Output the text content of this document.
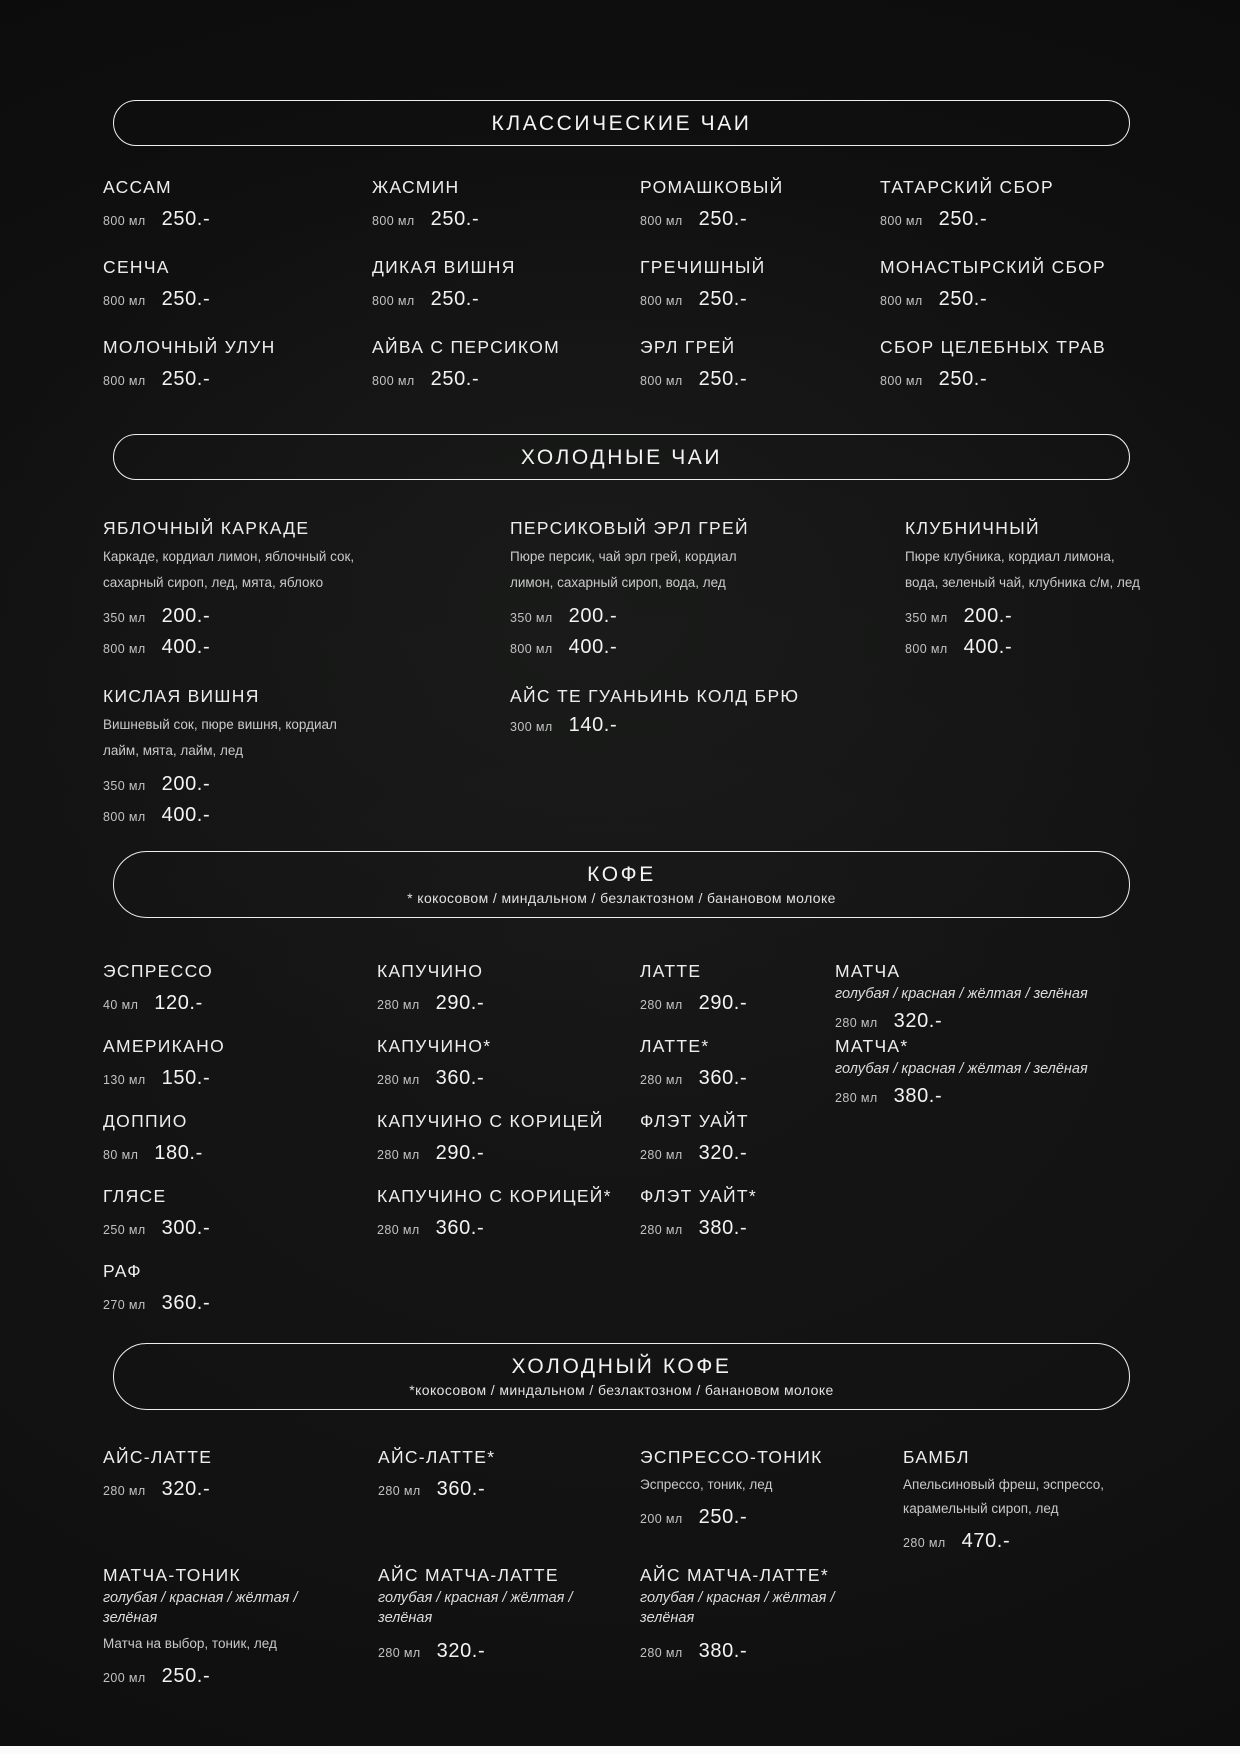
КЛАССИЧЕСКИЕ ЧАИ
АССАМ
800 мл 250.-
ЖАСМИН
800 мл 250.-
РОМАШКОВЫЙ
800 мл 250.-
ТАТАРСКИЙ СБОР
800 мл 250.-
СЕНЧА
800 мл 250.-
ДИКАЯ ВИШНЯ
800 мл 250.-
ГРЕЧИШНЫЙ
800 мл 250.-
МОНАСТЫРСКИЙ СБОР
800 мл 250.-
МОЛОЧНЫЙ УЛУН
800 мл 250.-
АЙВА С ПЕРСИКОМ
800 мл 250.-
ЭРЛ ГРЕЙ
800 мл 250.-
СБОР ЦЕЛЕБНЫХ ТРАВ
800 мл 250.-
ХОЛОДНЫЕ ЧАИ
ЯБЛОЧНЫЙ КАРКАДЕ
Каркаде, кордиал лимон, яблочный сок, сахарный сироп, лед, мята, яблоко
350 мл 200.-
800 мл 400.-
ПЕРСИКОВЫЙ ЭРЛ ГРЕЙ
Пюре персик, чай эрл грей, кордиал лимон, сахарный сироп, вода, лед
350 мл 200.-
800 мл 400.-
КЛУБНИЧНЫЙ
Пюре клубника, кордиал лимона, вода, зеленый чай, клубника с/м, лед
350 мл 200.-
800 мл 400.-
КИСЛАЯ ВИШНЯ
Вишневый сок, пюре вишня, кордиал лайм, мята, лайм, лед
350 мл 200.-
800 мл 400.-
АЙС ТЕ ГУАНЬИНЬ КОЛД БРЮ
300 мл 140.-
КОФЕ
* кокосовом / миндальном / безлактозном / банановом молоке
ЭСПРЕССО
40 мл 120.-
АМЕРИКАНО
130 мл 150.-
ДОППИО
80 мл 180.-
ГЛЯСЕ
250 мл 300.-
РАФ
270 мл 360.-
КАПУЧИНО
280 мл 290.-
КАПУЧИНО*
280 мл 360.-
КАПУЧИНО С КОРИЦЕЙ
280 мл 290.-
КАПУЧИНО С КОРИЦЕЙ*
280 мл 360.-
ЛАТТЕ
280 мл 290.-
ЛАТТЕ*
280 мл 360.-
ФЛЭТ УАЙТ
280 мл 320.-
ФЛЭТ УАЙТ*
280 мл 380.-
МАТЧА
голубая / красная / жёлтая / зелёная
280 мл 320.-
МАТЧА*
голубая / красная / жёлтая / зелёная
280 мл 380.-
ХОЛОДНЫЙ КОФЕ
*кокосовом / миндальном / безлактозном / банановом молоке
АЙС-ЛАТТЕ
280 мл 320.-
МАТЧА-ТОНИК
голубая / красная / жёлтая / зелёная
Матча на выбор, тоник, лед
200 мл 250.-
АЙС-ЛАТТЕ*
280 мл 360.-
АЙС МАТЧА-ЛАТТЕ
голубая / красная / жёлтая / зелёная
280 мл 320.-
ЭСПРЕССО-ТОНИК
Эспрессо, тоник, лед
200 мл 250.-
АЙС МАТЧА-ЛАТТЕ*
голубая / красная / жёлтая / зелёная
280 мл 380.-
БАМБЛ
Апельсиновый фреш, эспрессо, карамельный сироп, лед
280 мл 470.-
